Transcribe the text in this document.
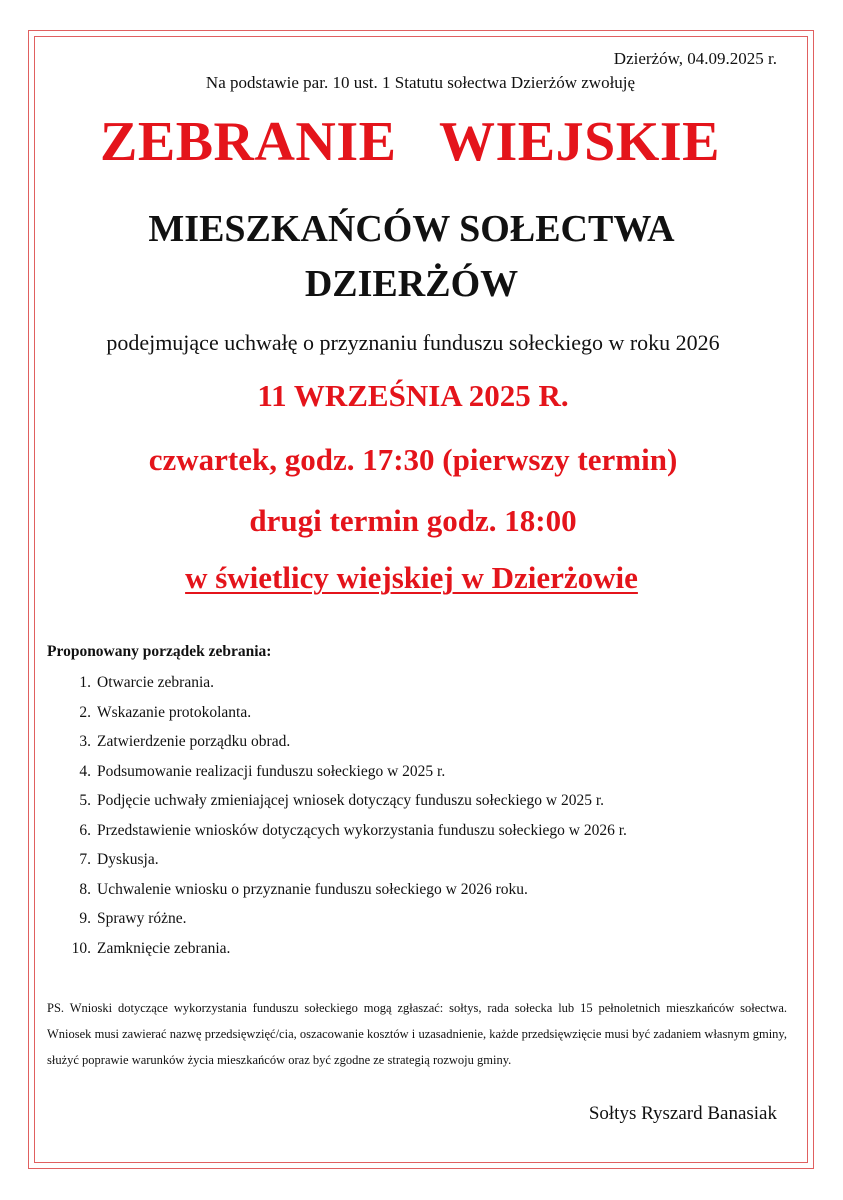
Dzierżów, 04.09.2025 r.
Na podstawie par. 10 ust. 1 Statutu sołectwa Dzierżów zwołuję
ZEBRANIE   WIEJSKIE
MIESZKAŃCÓW SOŁECTWA
DZIERŻÓW
podejmujące uchwałę o przyznaniu funduszu sołeckiego w roku 2026
11 WRZEŚNIA 2025 R.
czwartek, godz. 17:30 (pierwszy termin)
drugi termin godz. 18:00
w świetlicy wiejskiej w Dzierżowie
Proponowany porządek zebrania:
1. Otwarcie zebrania.
2. Wskazanie protokolanta.
3. Zatwierdzenie porządku obrad.
4. Podsumowanie realizacji funduszu sołeckiego w 2025 r.
5. Podjęcie uchwały zmieniającej wniosek dotyczący funduszu sołeckiego w 2025 r.
6. Przedstawienie wniosków dotyczących wykorzystania funduszu sołeckiego w 2026 r.
7. Dyskusja.
8. Uchwalenie wniosku o przyznanie funduszu sołeckiego w 2026 roku.
9. Sprawy różne.
10. Zamknięcie zebrania.
PS. Wnioski dotyczące wykorzystania funduszu sołeckiego mogą zgłaszać: sołtys, rada sołecka lub 15 pełnoletnich mieszkańców sołectwa. Wniosek musi zawierać nazwę przedsięwzięć/cia, oszacowanie kosztów i uzasadnienie, każde przedsięwzięcie musi być zadaniem własnym gminy, służyć poprawie warunków życia mieszkańców oraz być zgodne ze strategią rozwoju gminy.
Sołtys Ryszard Banasiak
